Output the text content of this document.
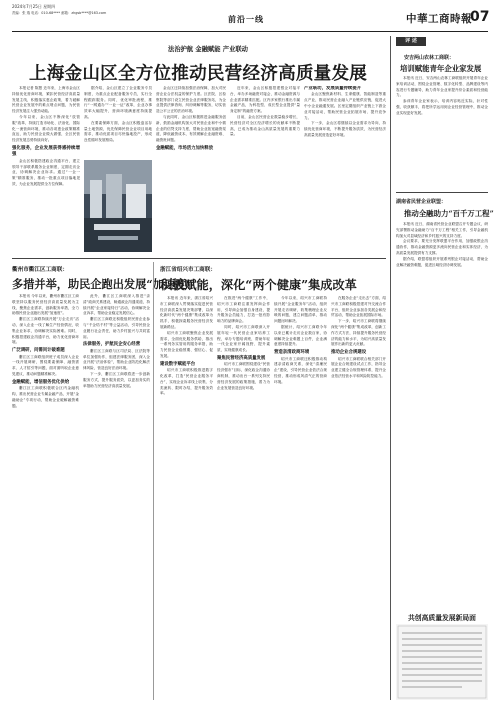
2024年7月25日 星期四
责编：张 瑞 电话：010-68**** 邮箱：zhgsb****@163.com
前沿一线	中華工商時報
07
法治护航 金融赋能 产业联动
上海金山区全方位推动民营经济高质量发展

本报记者 陈慧 近年来，上海市金山区持续优化营商环境，紧扣民营经济高质量发展主线，积极落实惠企政策，着力破解民营企业发展中的难点堵点问题，为民营经济发展注入强劲动能。

今年以来，金山区不断深化“放管服”改革，持续打造市场化、法治化、国际化一流营商环境，推动各项惠企政策精准直达，助力民营企业做大做强，全区民营经济发展态势持续向好。

强化服务，企业发展获得感持续增强

金山区积极搭建政企沟通平台，建立领导干部联系服务企业制度，定期走访企业，协调解决企业诉求。通过“一企一策”精准服务，推动一批重点项目落地见效，为企业发展提供全方位保障。

据介绍，金山区建立了企业服务专员制度，为重点企业配备服务专员，实行全程跟踪服务。同时，优化审批流程，推行“一网通办”“一业一证”改革，企业办事效率大幅提升，营商环境满意度持续提高。

在要素保障方面，金山区积极盘活存量土地资源，优先保障民营企业项目用地需求，推动优质项目尽快落地投产，形成良性循环发展格局。

金山区还持续加强法治保障，加大对民营企业合法权益的保护力度。区法院、区检察院等部门设立民营企业法律服务站，为企业提供法律咨询、纠纷调解等服务，切实营造公平公正的法治环境。

与此同时，金山区积极推进金融服务创新，鼓励金融机构加大对民营企业和中小微企业的信贷支持力度，帮助企业拓宽融资渠道，降低融资成本，有效缓解企业融资难、融资贵问题。

金融赋能，市场活力加快释放

近年来，金山区积极搭建银企对接平台，举办多场融资对接会，推动金融资源与企业需求精准匹配。区内多家银行推出专属金融产品，为科技型、成长型企业提供“量身定制”的融资方案。

目前，金山区民营企业数量稳步增长，民营经济对全区经济增长的贡献率不断提高，已成为推动金山高质量发展的重要力量。

产业联动，发展质量持续提升

金山区聚焦新材料、生命健康、智能制造等重点产业，推动民营企业融入产业链供应链，促进大中小企业融通发展。区里定期组织产业链上下游企业对接活动，帮助民营企业拓展市场、提升竞争力。

下一步，金山区将继续以企业需求为导向，持续优化营商环境，不断提升服务质效，为民营经济高质量发展营造更好环境。

衢州市衢江区工商联：
多措并举，助民企跑出发展“加速度”

本报讯 今年以来，衢州市衢江区工商联坚持以服务民营经济高质量发展为主线，聚焦企业需求，创新服务举措，全力助推民营企业跑出发展“加速度”。

衢江区工商联持续开展“万企走访”活动，深入企业一线了解生产经营情况，收集企业诉求，协调解决实际困难。同时，积极搭建政企沟通平台，助力优化营商环境。

广泛调研，问需问计破难题

衢江区工商联组织班子成员深入企业一线开展调研，围绕要素保障、融资需求、人才招引等问题，面对面听取企业意见建议，推动问题精准解决。

金融赋能，增信服务优化供给

衢江区工商联积极联合区内金融机构，推出民营企业专属金融产品，开展“金融助企”专项行动，帮助企业破解融资难题。

此外，衢江区工商联深入推进“亲清”政商关系建设，畅通政企沟通渠道，持续开展“企业家接待日”活动，协调解决企业诉求，帮助企业稳定发展信心。

衢江区工商联还积极组织民营企业参与“千企结千村”等公益活动，引导民营企业履行社会责任，助力乡村振兴与共同富裕。

法律服务，护航民企安心经营

衢江区工商联与区司法局、区法院等单位加强协作，组建法律服务团，深入企业开展“法治体检”，帮助企业防范化解法律风险，营造良好法治环境。

下一步，衢江区工商联将进一步创新服务方式，提升服务质效，以更加务实的举措助力民营经济高质量发展。

浙江省绍兴市工商联：
积极赋能，深化“两个健康”集成改革

本报讯 近年来，浙江省绍兴市工商联深入贯彻落实促进民营经济高质量发展决策部署，以深化新时代“两个健康”集成改革为抓手，积极探索服务民营经济发展新路径。

绍兴市工商联聚焦企业发展需求，全面优化服务供给，推出一系列务实管用的服务举措，助力民营企业稳预期、强信心、促发展。

建设数字赋能平台

绍兴市工商联积极推进数字化改革，打造“民营企业服务平台”，实现企业诉求线上收集、分类流转、限时办结，提升服务效率。

在推进“两个健康”工作中，绍兴市工商联注重发挥商会作用，引导商会加强自身建设，提升服务会员能力，打造一批有影响力的品牌商会。

同时，绍兴市工商联深入开展年轻一代民营企业家培养工程，举办专题培训班，帮助年轻一代企业家开阔视野、提升素质，实现健康成长。

聚焦民营经济高质量发展

绍兴市工商联围绕建设“民营经济强市”目标，深化政企沟通协商机制，推动出台一系列支持民营经济发展的政策措施，着力为企业发展营造良好环境。

今年以来，绍兴市工商联持续开展“企业服务年”活动，组织开展走访调研，收集梳理企业反映的问题，建立问题清单，推动问题闭环解决。

据统计，绍兴市工商联今年以来已累计走访企业数百家，协调解决企业难题上百件，企业满意度持续提升。

营造亲清政商环境

绍兴市工商联还积极推动构建亲清政商关系，深化“清廉民企”建设，引导民营企业依法合规经营，推动形成风清气正的营商环境。

在服务企业“走出去”方面，绍兴市工商联积极搭建对外交流合作平台，组织企业参加各类展会和经贸活动，帮助企业拓展国际市场。

下一步，绍兴市工商联将继续深化“两个健康”集成改革，创新工作方式方法，持续提升服务民营经济的能力和水平，为绍兴高质量发展作出新的更大贡献。

推动企业合规建设

绍兴市工商联联合相关部门开展企业合规建设试点工作，指导企业建立健全合规管理体系，提升企业依法经营水平和风险防控能力。

评 述
安吉两山农林工商联：
培训赋能青年企业家发展

本报讯 近日，安吉两山农林工商联组织开展青年企业家培训活动，围绕企业管理、数字化转型、品牌建设等内容进行专题辅导，助力青年企业家提升综合素质和经营能力。

参训青年企业家表示，培训内容贴近实际，针对性强，收获颇丰，将把所学运用到企业经营管理中，推动企业实现更好发展。

湖南省民营企业联盟：
推动全融助力“百千万工程”

本报讯 近日，湖南省民营企业联盟召开专题会议，研究部署推动金融助力“百千万工程”相关工作，引导金融机构加大对县域经济和乡村振兴的支持力度。

会议要求，要充分发挥联盟平台作用，加强政银企沟通协作，推动金融资源更多流向民营企业和实体经济，为高质量发展提供有力支撑。

据介绍，联盟将组织开展系列银企对接活动，帮助企业解决融资难题，促进区域经济协调发展。

共创高质量发展新局面
